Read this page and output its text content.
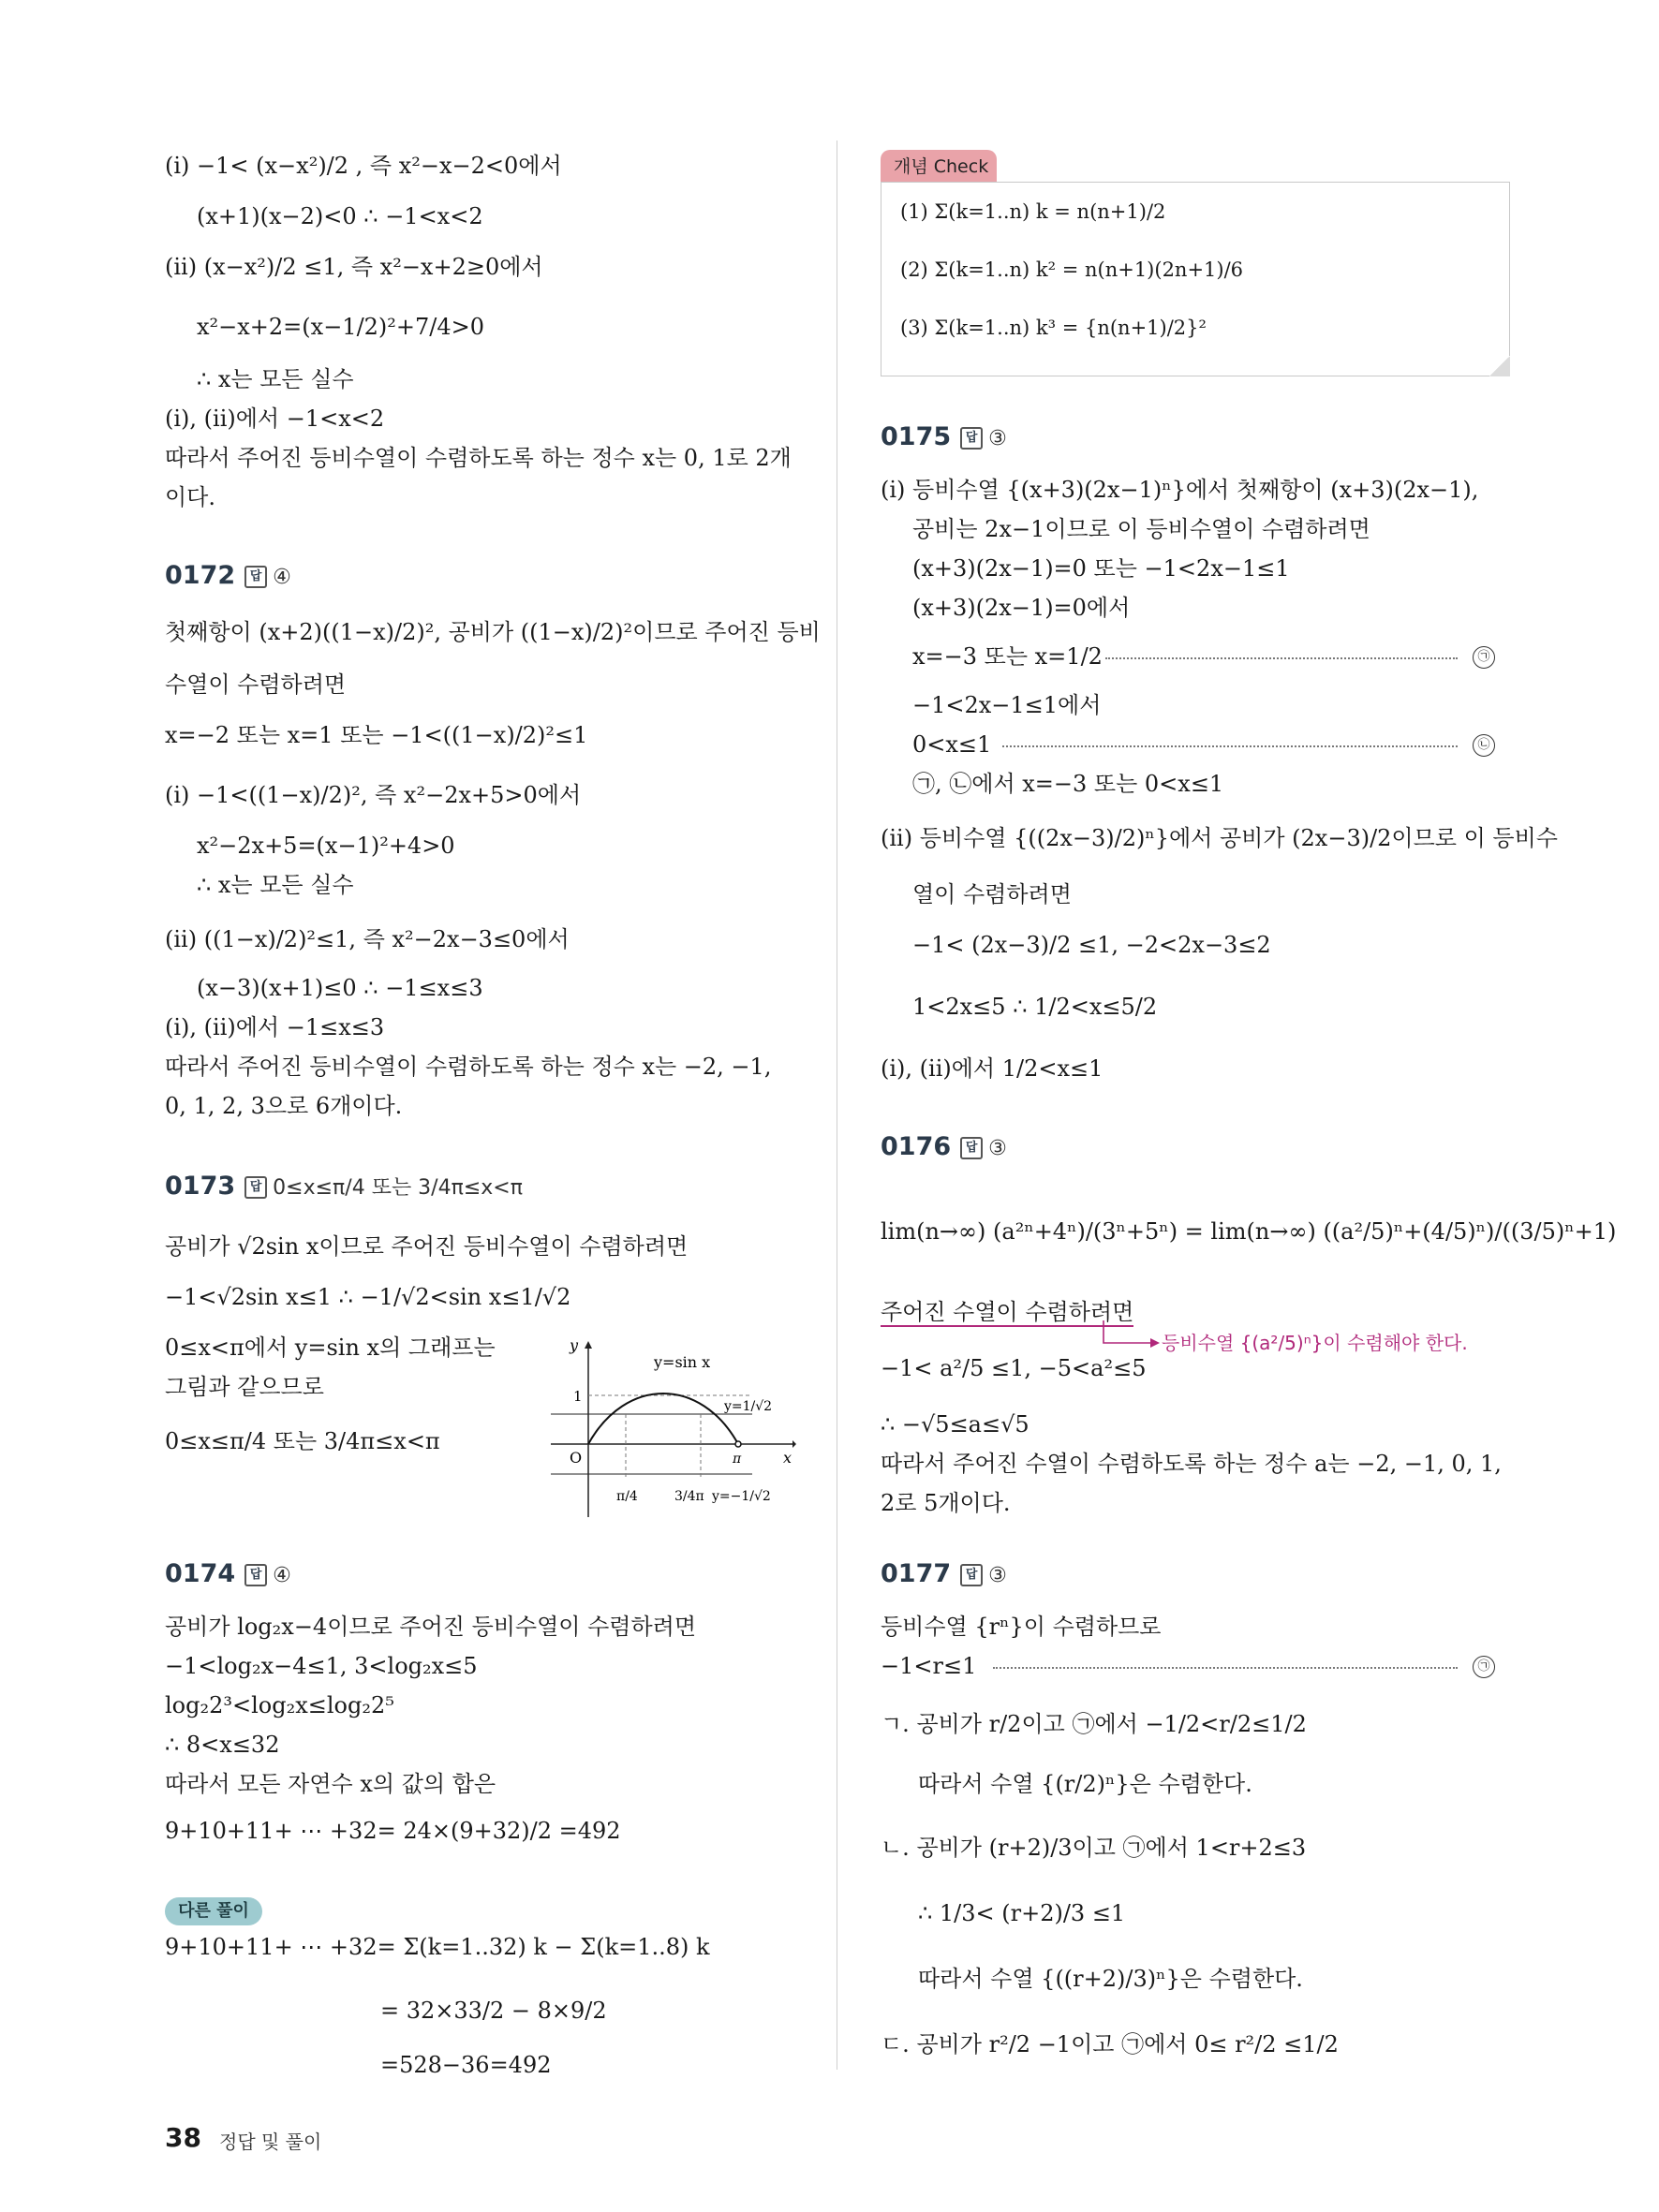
(i) −1< (x−x²)/2 , 즉 x²−x−2<0에서
(x+1)(x−2)<0 ∴ −1<x<2
(ii) (x−x²)/2 ≤1, 즉 x²−x+2≥0에서
x²−x+2=(x−1/2)²+7/4>0
∴ x는 모든 실수
(i), (ii)에서 −1<x<2
따라서 주어진 등비수열이 수렴하도록 하는 정수 x는 0, 1로 2개
이다.
0172 답 ④
첫째항이 (x+2)((1−x)/2)², 공비가 ((1−x)/2)²이므로 주어진 등비
수열이 수렴하려면
x=−2 또는 x=1 또는 −1<((1−x)/2)²≤1
(i) −1<((1−x)/2)², 즉 x²−2x+5>0에서
x²−2x+5=(x−1)²+4>0
∴ x는 모든 실수
(ii) ((1−x)/2)²≤1, 즉 x²−2x−3≤0에서
(x−3)(x+1)≤0 ∴ −1≤x≤3
(i), (ii)에서 −1≤x≤3
따라서 주어진 등비수열이 수렴하도록 하는 정수 x는 −2, −1,
0, 1, 2, 3으로 6개이다.
0173 답 0≤x≤π/4 또는 3/4π≤x<π
공비가 √2sin x이므로 주어진 등비수열이 수렴하려면
−1<√2sin x≤1 ∴ −1/√2<sin x≤1/√2
0≤x<π에서 y=sin x의 그래프는
그림과 같으므로
0≤x≤π/4 또는 3/4π≤x<π
0174 답 ④
공비가 log₂x−4이므로 주어진 등비수열이 수렴하려면
−1<log₂x−4≤1, 3<log₂x≤5
log₂2³<log₂x≤log₂2⁵
∴ 8<x≤32
따라서 모든 자연수 x의 값의 합은
9+10+11+ ⋯ +32= 24×(9+32)/2 =492
9+10+11+ ⋯ +32= Σ(k=1..32) k − Σ(k=1..8) k
= 32×33/2 − 8×9/2
=528−36=492
다른 풀이
y
x
O
1
y=sin x
y=1/√2
y=−1/√2
π
π/4	3/4π
개념 Check
(1) Σ(k=1..n) k = n(n+1)/2
(2) Σ(k=1..n) k² = n(n+1)(2n+1)/6
(3) Σ(k=1..n) k³ = {n(n+1)/2}²
0175 답 ③
(i) 등비수열 {(x+3)(2x−1)ⁿ}에서 첫째항이 (x+3)(2x−1),
공비는 2x−1이므로 이 등비수열이 수렴하려면
(x+3)(2x−1)=0 또는 −1<2x−1≤1
(x+3)(2x−1)=0에서
x=−3 또는 x=1/2
−1<2x−1≤1에서
0<x≤1
㉠, ㉡에서 x=−3 또는 0<x≤1
(ii) 등비수열 {((2x−3)/2)ⁿ}에서 공비가 (2x−3)/2이므로 이 등비수
열이 수렴하려면
−1< (2x−3)/2 ≤1, −2<2x−3≤2
1<2x≤5 ∴ 1/2<x≤5/2
(i), (ii)에서 1/2<x≤1
0176 답 ③
lim(n→∞) (a²ⁿ+4ⁿ)/(3ⁿ+5ⁿ) = lim(n→∞) ((a²/5)ⁿ+(4/5)ⁿ)/((3/5)ⁿ+1)
주어진 수열이 수렴하려면
−1< a²/5 ≤1, −5<a²≤5
∴ −√5≤a≤√5
따라서 주어진 수열이 수렴하도록 하는 정수 a는 −2, −1, 0, 1,
2로 5개이다.
0177 답 ③
등비수열 {rⁿ}이 수렴하므로
−1<r≤1
ㄱ. 공비가 r/2이고 ㉠에서 −1/2<r/2≤1/2
따라서 수열 {(r/2)ⁿ}은 수렴한다.
ㄴ. 공비가 (r+2)/3이고 ㉠에서 1<r+2≤3
∴ 1/3< (r+2)/3 ≤1
따라서 수열 {((r+2)/3)ⁿ}은 수렴한다.
ㄷ. 공비가 r²/2 −1이고 ㉠에서 0≤ r²/2 ≤1/2
㉠
㉡
㉠
등비수열 {(a²/5)ⁿ}이 수렴해야 한다.
38 정답 및 풀이
